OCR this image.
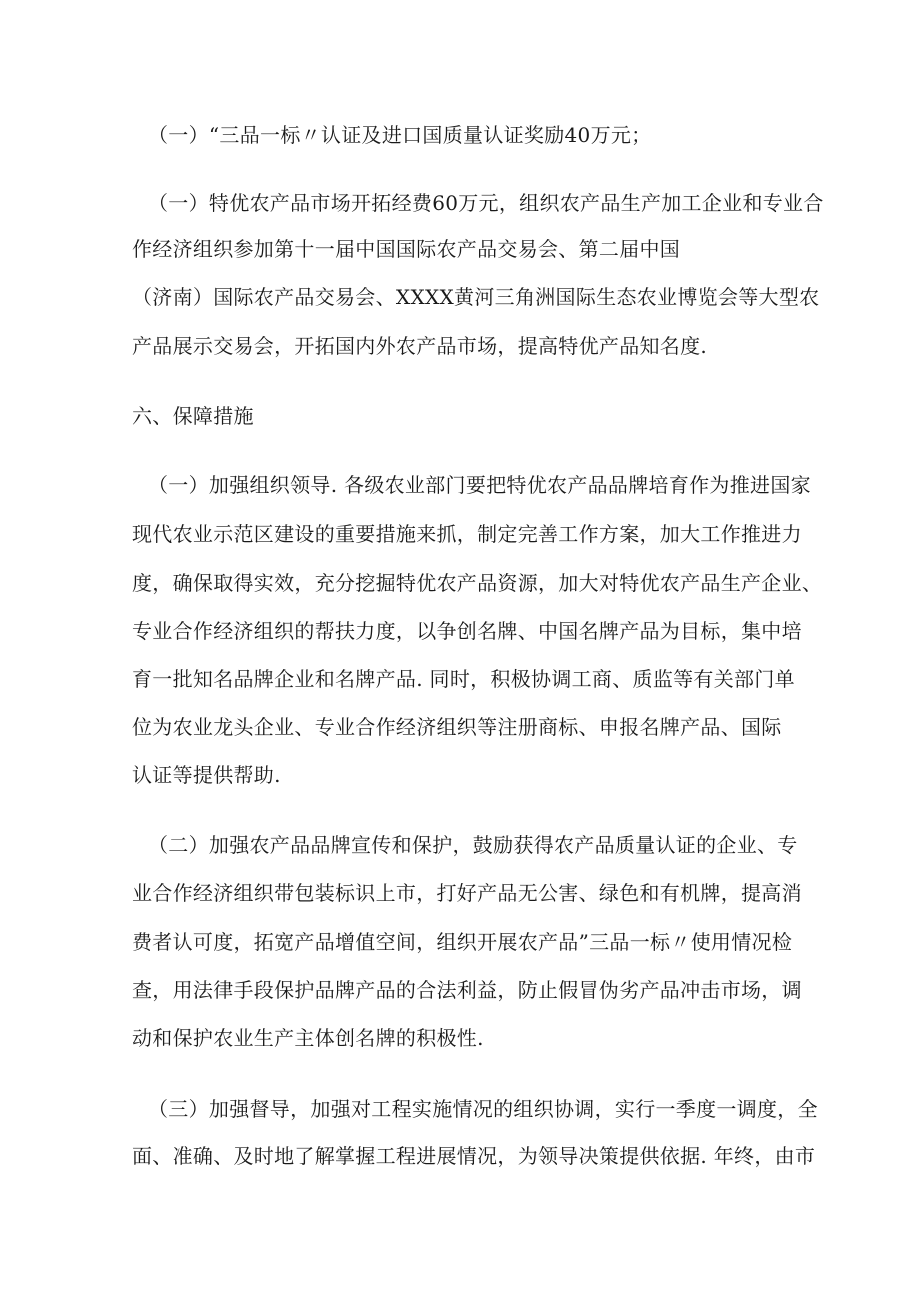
（一）“三品一标〃认证及进口国质量认证奖励40万元；
（一）特优农产品市场开拓经费60万元，组织农产品生产加工企业和专业合
作经济组织参加第十一届中国国际农产品交易会、第二届中国
（济南）国际农产品交易会、XXXX黄河三角洲国际生态农业博览会等大型农
产品展示交易会，开拓国内外农产品市场，提高特优产品知名度.
六、保障措施
（一）加强组织领导. 各级农业部门要把特优农产品品牌培育作为推进国家
现代农业示范区建设的重要措施来抓，制定完善工作方案，加大工作推进力
度，确保取得实效，充分挖掘特优农产品资源，加大对特优农产品生产企业、
专业合作经济组织的帮扶力度，以争创名牌、中国名牌产品为目标，集中培
育一批知名品牌企业和名牌产品. 同时，积极协调工商、质监等有关部门单
位为农业龙头企业、专业合作经济组织等注册商标、申报名牌产品、国际
认证等提供帮助.
（二）加强农产品品牌宣传和保护，鼓励获得农产品质量认证的企业、专
业合作经济组织带包装标识上市，打好产品无公害、绿色和有机牌，提高消
费者认可度，拓宽产品增值空间，组织开展农产品”三品一标〃使用情况检
查，用法律手段保护品牌产品的合法利益，防止假冒伪劣产品冲击市场，调
动和保护农业生产主体创名牌的积极性.
（三）加强督导，加强对工程实施情况的组织协调，实行一季度一调度，全
面、准确、及时地了解掌握工程进展情况，为领导决策提供依据. 年终，由市
